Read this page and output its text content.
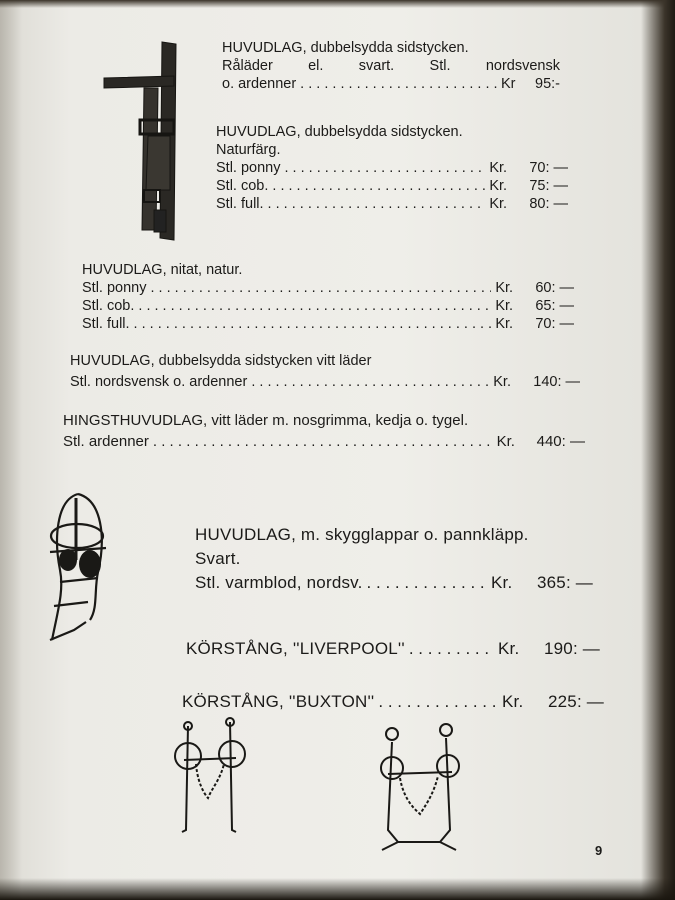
HUVUDLAG, dubbelsydda sidstycken.
Råläder el. svart. Stl. nordsvensk
o. ardenner . . .	Kr	95:-
HUVUDLAG, dubbelsydda sidstycken.
Naturfärg.
Stl. ponny . . .	Kr.	70: —
Stl. cob. . . .	Kr.	75: —
Stl. full. . . .	Kr.	80: —
HUVUDLAG, nitat, natur.
Stl. ponny . . .	Kr.	60: —
Stl. cob. . . .	Kr.	65: —
Stl. full. . . .	Kr.	70: —
HUVUDLAG, dubbelsydda sidstycken vitt läder
Stl. nordsvensk o. ardenner . . .	Kr.	140: —
HINGSTHUVUDLAG, vitt läder m. nosgrimma, kedja o. tygel.
Stl. ardenner . . .	Kr.	440: —
HUVUDLAG, m. skygglappar o. pannkläpp.
Svart.
Stl. varmblod, nordsv. . . .	Kr.	365: —
KÖRSTÅNG, ''LIVERPOOL'' . . .	Kr.	190: —
KÖRSTÅNG, ''BUXTON'' . . .	Kr.	225: —
9
